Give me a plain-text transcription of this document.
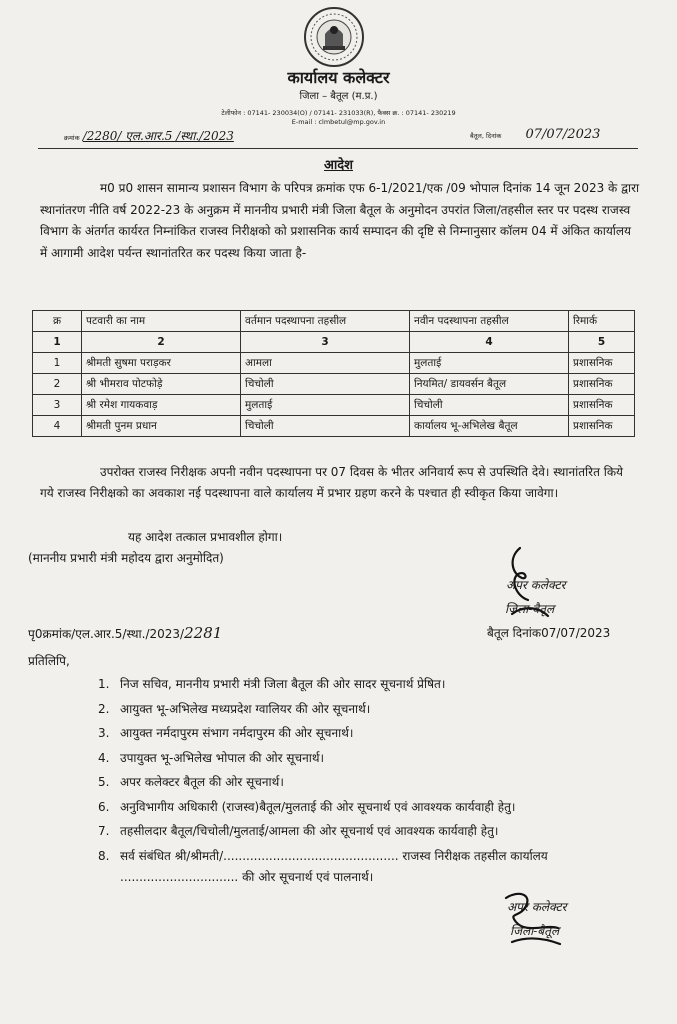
कार्यालय कलेक्टर
जिला – बैतूल (म.प्र.)
टेलीफोन : 07141- 230034(O) / 07141- 231033(R), फैक्स क्र. : 07141- 230219
E-mail : clmbetul@mp.gov.in
क्रमांक /2280/ एल.आर.5 /स्था./2023	बैतूल, दिनांक 07/07/2023
आदेश
म0 प्र0 शासन सामान्य प्रशासन विभाग के परिपत्र क्रमांक एफ 6-1/2021/एक /09 भोपाल दिनांक 14 जून 2023 के द्वारा स्थानांतरण नीति वर्ष 2022-23 के अनुक्रम में माननीय प्रभारी मंत्री जिला बैतूल के अनुमोदन उपरांत जिला/तहसील स्तर पर पदस्थ राजस्व विभाग के अंतर्गत कार्यरत निम्नांकित राजस्व निरीक्षको को प्रशासनिक कार्य सम्पादन की दृष्टि से निम्नानुसार कॉलम 04 में अंकित कार्यालय में आगामी आदेश पर्यन्त स्थानांतरित कर पदस्थ किया जाता है-
क्र	पटवारी का नाम	वर्तमान पदस्थापना तहसील	नवीन पदस्थापना तहसील	रिमार्क
1	2	3	4	5
1	श्रीमती सुषमा पराड़कर	आमला	मुलताई	प्रशासनिक
2	श्री भीमराव पोटफोड़े	चिचोली	नियमित/ डायवर्सन बैतूल	प्रशासनिक
3	श्री रमेश गायकवाड़	मुलताई	चिचोली	प्रशासनिक
4	श्रीमती पुनम प्रधान	चिचोली	कार्यालय भू-अभिलेख बैतूल	प्रशासनिक
उपरोक्त राजस्व निरीक्षक अपनी नवीन पदस्थापना पर 07 दिवस के भीतर अनिवार्य रूप से उपस्थिति देवे। स्थानांतरित किये गये राजस्व निरीक्षको का अवकाश नई पदस्थापना वाले कार्यालय में प्रभार ग्रहण करने के पश्चात ही स्वीकृत किया जावेगा।
यह आदेश तत्काल प्रभावशील होगा।
(माननीय प्रभारी मंत्री महोदय द्वारा अनुमोदित)
अपर कलेक्टर
जिला-बैतूल
पृ0क्रमांक/एल.आर.5/स्था./2023/2281	बैतूल दिनांक07/07/2023
प्रतिलिपि,
1. निज सचिव, माननीय प्रभारी मंत्री जिला बैतूल की ओर सादर सूचनार्थ प्रेषित।
2. आयुक्त भू-अभिलेख मध्यप्रदेश ग्वालियर की ओर सूचनार्थ।
3. आयुक्त नर्मदापुरम संभाग नर्मदापुरम की ओर सूचनार्थ।
4. उपायुक्त भू-अभिलेख भोपाल की ओर सूचनार्थ।
5. अपर कलेक्टर बैतूल की ओर सूचनार्थ।
6. अनुविभागीय अधिकारी (राजस्व)बैतूल/मुलताई की ओर सूचनार्थ एवं आवश्यक कार्यवाही हेतु।
7. तहसीलदार बैतूल/चिचोली/मुलताई/आमला की ओर सूचनार्थ एवं आवश्यक कार्यवाही हेतु।
8. सर्व संबंधित श्री/श्रीमती/.............................................. राजस्व निरीक्षक तहसील कार्यालय
............................... की ओर सूचनार्थ एवं पालनार्थ।
अपर कलेक्टर
जिला-बैतूल
